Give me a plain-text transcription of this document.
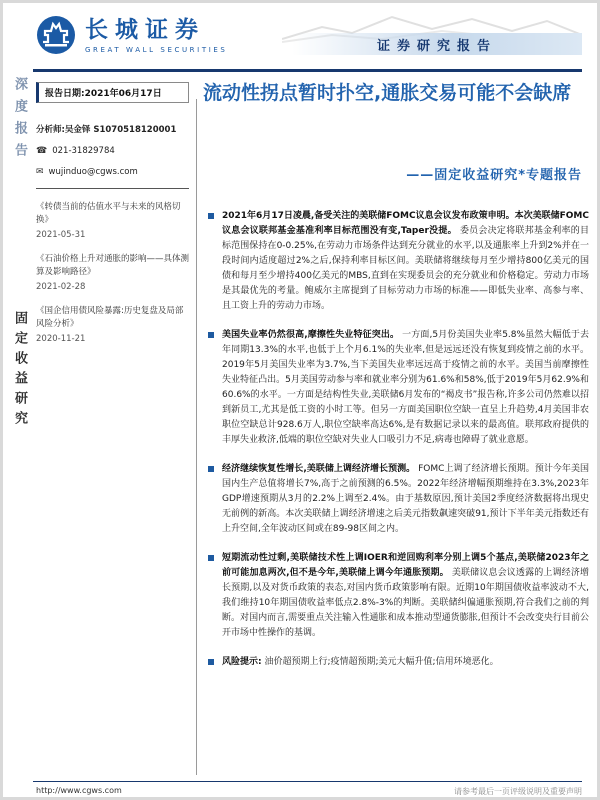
长城证券
GREAT WALL SECURITIES	证券研究报告
深度报告
固定收益研究
报告日期:2021年06月17日 流动性拐点暂时扑空,通胀交易可能不会缺席
——固定收益研究*专题报告
分析师:吴金铎 S1070518120001
☎ 021-31829784
✉ wujinduo@cgws.com
《转债当前的估值水平与未来的风格切换》
2021-05-31
《石油价格上升对通胀的影响——具体测算及影响路径》
2021-02-28
《国企信用债风险暴露:历史复盘及局部风险分析》
2020-11-21

2021年6月17日凌晨,备受关注的美联储FOMC议息会议发布政策申明。本次美联储FOMC议息会议联邦基金基准利率目标范围没有变,Taper没提。 委员会决定将联邦基金利率的目标范围保持在0-0.25%,在劳动力市场条件达到充分就业的水平,以及通胀率上升到2%并在一段时间内适度超过2%之后,保持利率目标区间。美联储将继续每月至少增持800亿美元的国债和每月至少增持400亿美元的MBS,直到在实现委员会的充分就业和价格稳定。劳动力市场是其最优先的考量。鲍威尔主席提到了目标劳动力市场的标准——即低失业率、高参与率、且工资上升的劳动力市场。

美国失业率仍然很高,摩擦性失业特征突出。 一方面,5月份美国失业率5.8%虽然大幅低于去年同期13.3%的水平,也低于上个月6.1%的失业率,但是远远还没有恢复到疫情之前的水平。2019年5月美国失业率为3.7%,当下美国失业率远远高于疫情之前的水平。美国当前摩擦性失业特征凸出。5月美国劳动参与率和就业率分别为61.6%和58%,低于2019年5月62.9%和60.6%的水平。一方面是结构性失业,美联储6月发布的“褐皮书”报告称,许多公司仍然难以招到新员工,尤其是低工资的小时工等。但另一方面美国职位空缺一直呈上升趋势,4月美国非农职位空缺总计928.6万人,职位空缺率高达6%,是有数据记录以来的最高值。联邦政府提供的丰厚失业救济,低端的职位空缺对失业人口吸引力不足,病毒也障碍了就业意愿。

经济继续恢复性增长,美联储上调经济增长预测。 FOMC上调了经济增长预期。预计今年美国国内生产总值将增长7%,高于之前预测的6.5%。2022年经济增幅预期维持在3.3%,2023年GDP增速预期从3月的2.2%上调至2.4%。由于基数原因,预计美国2季度经济数据将出现史无前例的新高。本次美联储上调经济增速之后美元指数飙速突破91,预计下半年美元指数还有上升空间,全年波动区间或在89-98区间之内。

短期流动性过剩,美联储技术性上调IOER和逆回购利率分别上调5个基点,美联储2023年之前可能加息两次,但不是今年,美联储上调今年通胀预期。 美联储议息会议透露的上调经济增长预期,以及对货币政策的表态,对国内货币政策影响有限。近期10年期国债收益率波动不大,我们维持10年期国债收益率低点2.8%-3%的判断。美联储纠偏通胀预期,符合我们之前的判断。对国内而言,需要重点关注输入性通胀和成本推动型通货膨胀,但预计不会改变央行目前公开市场中性操作的基调。

风险提示: 油价超预期上行;疫情超预期;美元大幅升值;信用环境恶化。

http://www.cgws.com	请参考最后一页评级说明及重要声明
